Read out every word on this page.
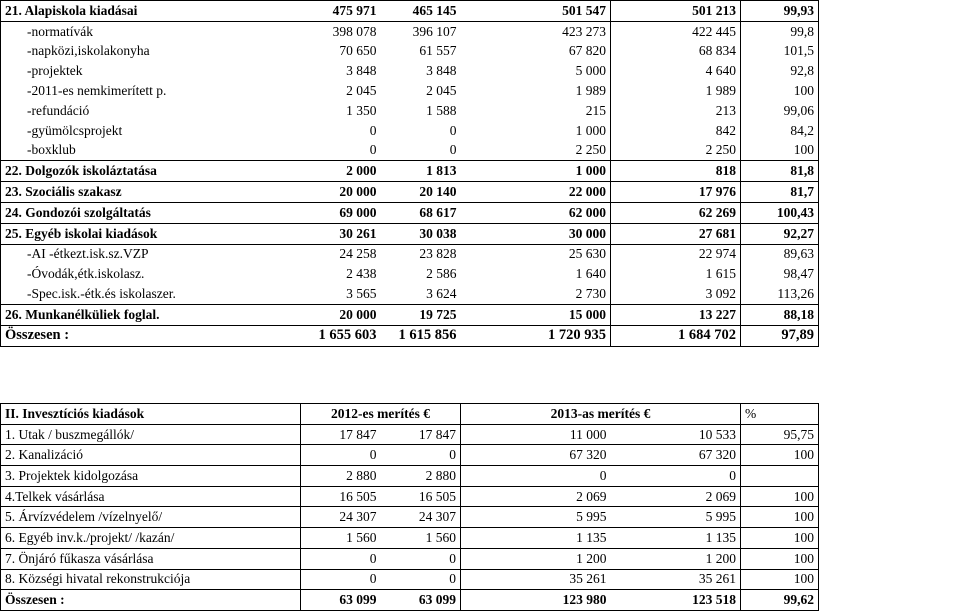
21. Alapiskola kiadásai	475 971	465 145	501 547	501 213	99,93
-normatívák	398 078	396 107	423 273	422 445	99,8
-napközi,iskolakonyha	70 650	61 557	67 820	68 834	101,5
-projektek	3 848	3 848	5 000	4 640	92,8
-2011-es nemkimerített p.	2 045	2 045	1 989	1 989	100
-refundáció	1 350	1 588	215	213	99,06
-gyümölcsprojekt	0	0	1 000	842	84,2
-boxklub	0	0	2 250	2 250	100
22. Dolgozók iskoláztatása	2 000	1 813	1 000	818	81,8
23. Szociális szakasz	20 000	20 140	22 000	17 976	81,7
24. Gondozói szolgáltatás	69 000	68 617	62 000	62 269	100,43
25. Egyéb iskolai kiadások	30 261	30 038	30 000	27 681	92,27
-AI -étkezt.isk.sz.VZP	24 258	23 828	25 630	22 974	89,63
-Óvodák,étk.iskolasz.	2 438	2 586	1 640	1 615	98,47
-Spec.isk.-étk.és iskolaszer.	3 565	3 624	2 730	3 092	113,26
26. Munkanélküliek foglal.	20 000	19 725	15 000	13 227	88,18
Összesen :	1 655 603	1 615 856	1 720 935	1 684 702	97,89
II. Invesztíciós kiadások	2012-es merítés €		2013-as merítés €		%
1. Utak / buszmegállók/	17 847	17 847	11 000	10 533	95,75
2. Kanalizáció	0	0	67 320	67 320	100
3. Projektek kidolgozása	2 880	2 880	0	0	
4.Telkek vásárlása	16 505	16 505	2 069	2 069	100
5. Árvízvédelem /vízelnyelő/	24 307	24 307	5 995	5 995	100
6. Egyéb inv.k./projekt/ /kazán/	1 560	1 560	1 135	1 135	100
7. Önjáró fűkasza vásárlása	0	0	1 200	1 200	100
8. Községi hivatal rekonstrukciója	0	0	35 261	35 261	100
Összesen :	63 099	63 099	123 980	123 518	99,62
